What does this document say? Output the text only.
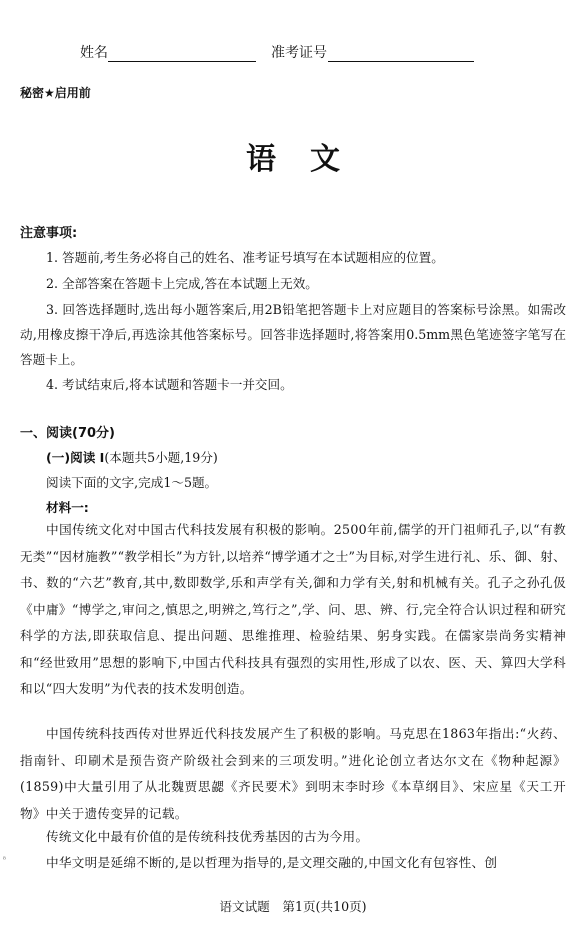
姓名	准考证号
秘密★启用前
语文
注意事项:
1. 答题前,考生务必将自己的姓名、准考证号填写在本试题相应的位置。
2. 全部答案在答题卡上完成,答在本试题上无效。
3. 回答选择题时,选出每小题答案后,用2B铅笔把答题卡上对应题目的答案标号涂黑。如需改动,用橡皮擦干净后,再选涂其他答案标号。回答非选择题时,将答案用0.5mm黑色笔迹签字笔写在答题卡上。
4. 考试结束后,将本试题和答题卡一并交回。
一、阅读(70分)
(一)阅读 I(本题共5小题,19分)
阅读下面的文字,完成1～5题。
材料一:
中国传统文化对中国古代科技发展有积极的影响。2500年前,儒学的开门祖师孔子,以“有教无类”“因材施教”“教学相长”为方针,以培养“博学通才之士”为目标,对学生进行礼、乐、御、射、书、数的“六艺”教育,其中,数即数学,乐和声学有关,御和力学有关,射和机械有关。孔子之孙孔伋《中庸》“博学之,审问之,慎思之,明辨之,笃行之”,学、问、思、辨、行,完全符合认识过程和研究科学的方法,即获取信息、提出问题、思维推理、检验结果、躬身实践。在儒家崇尚务实精神和“经世致用”思想的影响下,中国古代科技具有强烈的实用性,形成了以农、医、天、算四大学科和以“四大发明”为代表的技术发明创造。
中国传统科技西传对世界近代科技发展产生了积极的影响。马克思在1863年指出:“火药、指南针、印刷术是预告资产阶级社会到来的三项发明。”进化论创立者达尔文在《物种起源》(1859)中大量引用了从北魏贾思勰《齐民要术》到明末李时珍《本草纲目》、宋应星《天工开物》中关于遗传变异的记载。
传统文化中最有价值的是传统科技优秀基因的古为今用。
中华文明是延绵不断的,是以哲理为指导的,是文理交融的,中国文化有包容性、创
⁸
语文试题　第1页(共10页)
